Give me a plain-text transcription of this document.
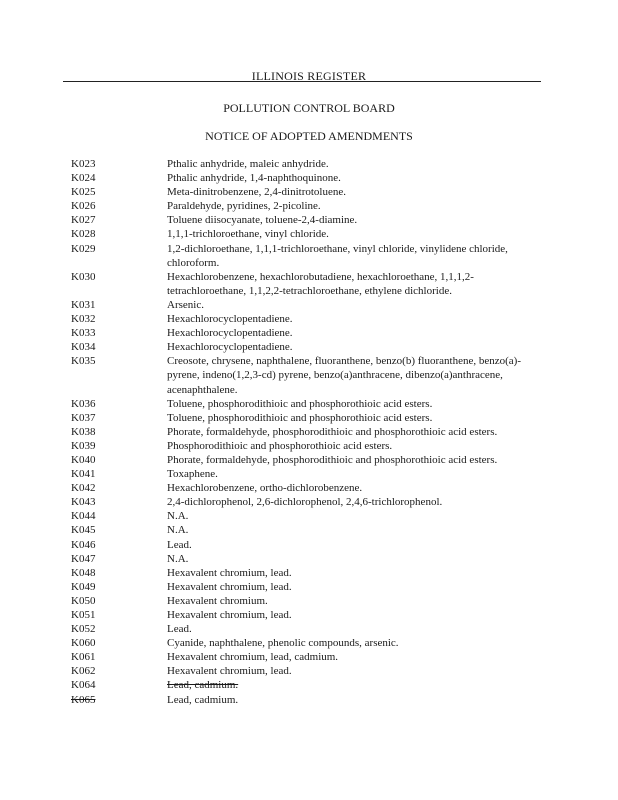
ILLINOIS REGISTER
POLLUTION CONTROL BOARD
NOTICE OF ADOPTED AMENDMENTS
K023	Pthalic anhydride, maleic anhydride.
K024	Pthalic anhydride, 1,4-naphthoquinone.
K025	Meta-dinitrobenzene, 2,4-dinitrotoluene.
K026	Paraldehyde, pyridines, 2-picoline.
K027	Toluene diisocyanate, toluene-2,4-diamine.
K028	1,1,1-trichloroethane, vinyl chloride.
K029	1,2-dichloroethane, 1,1,1-trichloroethane, vinyl chloride, vinylidene chloride, chloroform.
K030	Hexachlorobenzene, hexachlorobutadiene, hexachloroethane, 1,1,1,2-tetrachloroethane, 1,1,2,2-tetrachloroethane, ethylene dichloride.
K031	Arsenic.
K032	Hexachlorocyclopentadiene.
K033	Hexachlorocyclopentadiene.
K034	Hexachlorocyclopentadiene.
K035	Creosote, chrysene, naphthalene, fluoranthene, benzo(b) fluoranthene, benzo(a)-pyrene, indeno(1,2,3-cd) pyrene, benzo(a)anthracene, dibenzo(a)anthracene, acenaphthalene.
K036	Toluene, phosphorodithioic and phosphorothioic acid esters.
K037	Toluene, phosphorodithioic and phosphorothioic acid esters.
K038	Phorate, formaldehyde, phosphorodithioic and phosphorothioic acid esters.
K039	Phosphorodithioic and phosphorothioic acid esters.
K040	Phorate, formaldehyde, phosphorodithioic and phosphorothioic acid esters.
K041	Toxaphene.
K042	Hexachlorobenzene, ortho-dichlorobenzene.
K043	2,4-dichlorophenol, 2,6-dichlorophenol, 2,4,6-trichlorophenol.
K044	N.A.
K045	N.A.
K046	Lead.
K047	N.A.
K048	Hexavalent chromium, lead.
K049	Hexavalent chromium, lead.
K050	Hexavalent chromium.
K051	Hexavalent chromium, lead.
K052	Lead.
K060	Cyanide, naphthalene, phenolic compounds, arsenic.
K061	Hexavalent chromium, lead, cadmium.
K062	Hexavalent chromium, lead.
K064	Lead, cadmium.
K065	Lead, cadmium.
